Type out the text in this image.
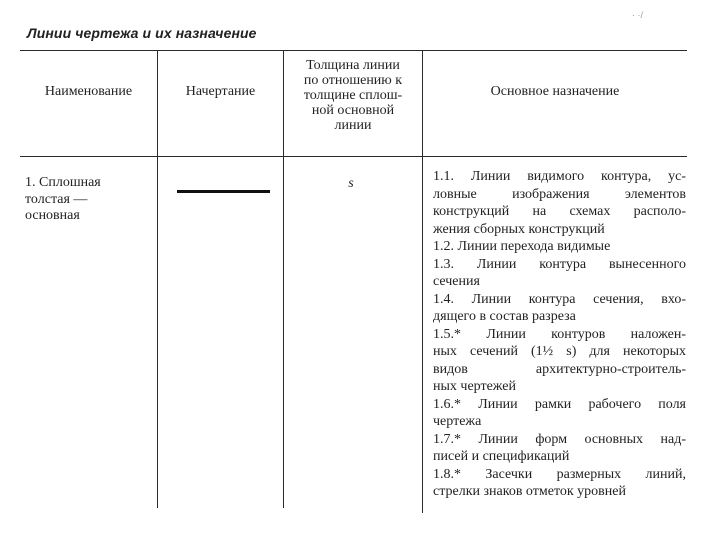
Линии чертежа и их назначение
· ·/
Наименование	Начертание
Толщина линии
по отношению к
толщине сплош-
ной основной
линии
Основное назначение
1. Сплошная
толстая —
основная
s	1.1. Линии видимого контура, ус-
ловные изображения элементов
конструкций на схемах располо-
жения сборных конструкций
1.2. Линии перехода видимые
1.3. Линии контура вынесенного
сечения
1.4. Линии контура сечения, вхо-
дящего в состав разреза
1.5.* Линии контуров наложен-
ных сечений (1½ s) для некоторых
видов архитектурно-строитель-
ных чертежей
1.6.* Линии рамки рабочего поля
чертежа
1.7.* Линии форм основных над-
писей и спецификаций
1.8.* Засечки размерных линий,
стрелки знаков отметок уровней
